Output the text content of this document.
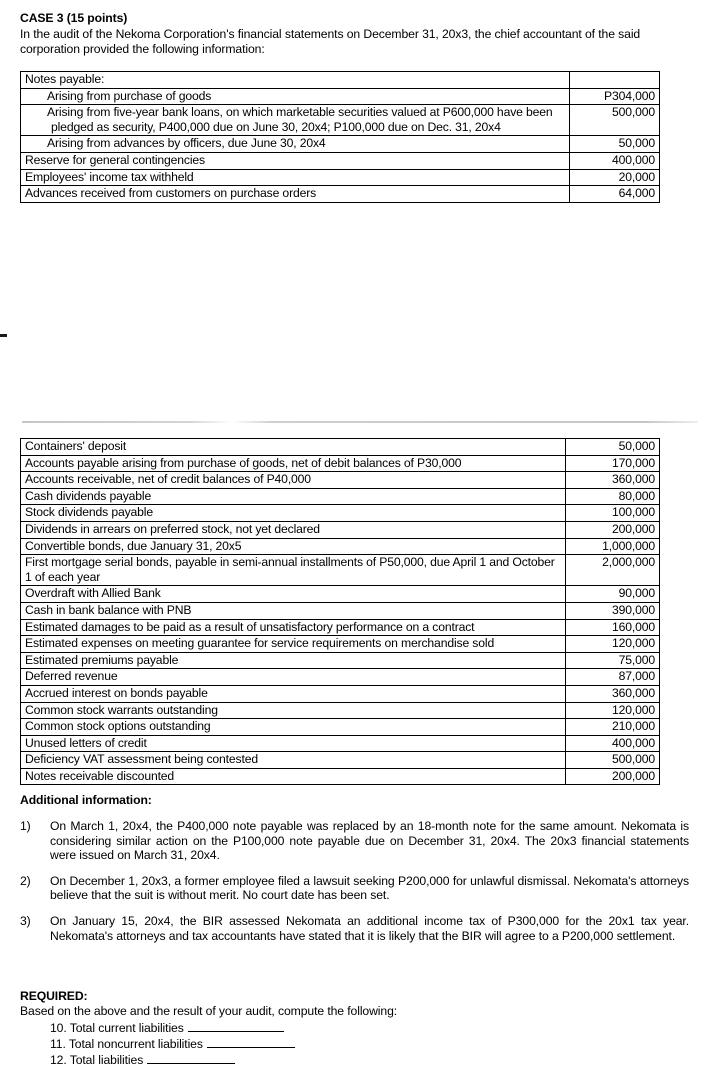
CASE 3 (15 points)
In the audit of the Nekoma Corporation's financial statements on December 31, 20x3, the chief accountant of the said corporation provided the following information:
Notes payable:	
Arising from purchase of goods	P304,000
Arising from five-year bank loans, on which marketable securities valued at P600,000 have been pledged as security, P400,000 due on June 30, 20x4; P100,000 due on Dec. 31, 20x4	500,000
Arising from advances by officers, due June 30, 20x4	50,000
Reserve for general contingencies	400,000
Employees' income tax withheld	20,000
Advances received from customers on purchase orders	64,000
Containers' deposit	50,000
Accounts payable arising from purchase of goods, net of debit balances of P30,000	170,000
Accounts receivable, net of credit balances of P40,000	360,000
Cash dividends payable	80,000
Stock dividends payable	100,000
Dividends in arrears on preferred stock, not yet declared	200,000
Convertible bonds, due January 31, 20x5	1,000,000
First mortgage serial bonds, payable in semi-annual installments of P50,000, due April 1 and October 1 of each year	2,000,000
Overdraft with Allied Bank	90,000
Cash in bank balance with PNB	390,000
Estimated damages to be paid as a result of unsatisfactory performance on a contract	160,000
Estimated expenses on meeting guarantee for service requirements on merchandise sold	120,000
Estimated premiums payable	75,000
Deferred revenue	87,000
Accrued interest on bonds payable	360,000
Common stock warrants outstanding	120,000
Common stock options outstanding	210,000
Unused letters of credit	400,000
Deficiency VAT assessment being contested	500,000
Notes receivable discounted	200,000
Additional information:
1)	On March 1, 20x4, the P400,000 note payable was replaced by an 18-month note for the same amount. Nekomata is considering similar action on the P100,000 note payable due on December 31, 20x4. The 20x3 financial statements were issued on March 31, 20x4.
2)	On December 1, 20x3, a former employee filed a lawsuit seeking P200,000 for unlawful dismissal. Nekomata's attorneys believe that the suit is without merit. No court date has been set.
3)	On January 15, 20x4, the BIR assessed Nekomata an additional income tax of P300,000 for the 20x1 tax year. Nekomata's attorneys and tax accountants have stated that it is likely that the BIR will agree to a P200,000 settlement.
REQUIRED:
Based on the above and the result of your audit, compute the following:
10. Total current liabilities
11. Total noncurrent liabilities
12. Total liabilities
